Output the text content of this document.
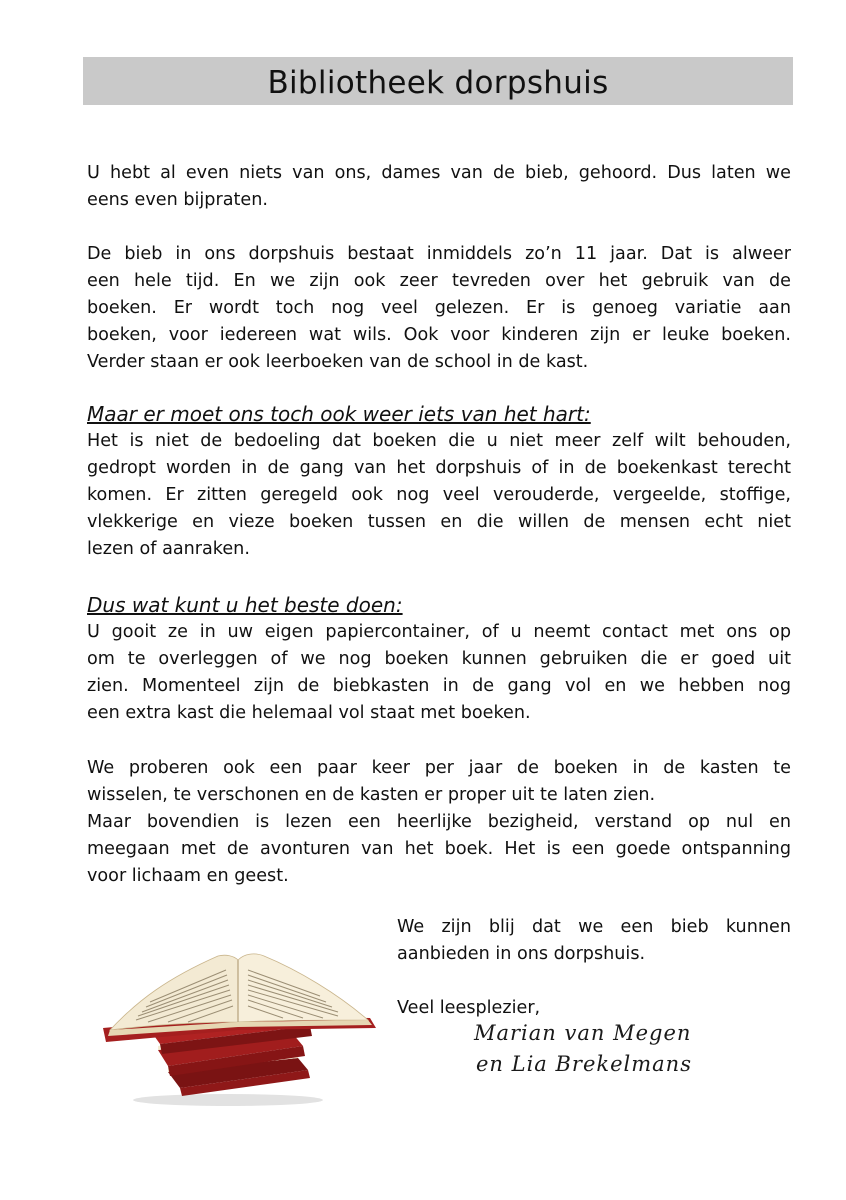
Bibliotheek dorpshuis
U hebt al even niets van ons, dames van de bieb, gehoord. Dus laten we
eens even bijpraten.
De bieb in ons dorpshuis bestaat inmiddels zo’n 11 jaar. Dat is alweer
een hele tijd. En we zijn ook zeer tevreden over het gebruik van de
boeken. Er wordt toch nog veel gelezen. Er is genoeg variatie aan
boeken, voor iedereen wat wils. Ook voor kinderen zijn er leuke boeken.
Verder staan er ook leerboeken van de school in de kast.
Maar er moet ons toch ook weer iets van het hart:
Het is niet de bedoeling dat boeken die u niet meer zelf wilt behouden,
gedropt worden in de gang van het dorpshuis of in de boekenkast terecht
komen. Er zitten geregeld ook nog veel verouderde, vergeelde, stoffige,
vlekkerige en vieze boeken tussen en die willen de mensen echt niet
lezen of aanraken.
Dus wat kunt u het beste doen:
U gooit ze in uw eigen papiercontainer, of u neemt contact met ons op
om te overleggen of we nog boeken kunnen gebruiken die er goed uit
zien. Momenteel zijn de biebkasten in de gang vol en we hebben nog
een extra kast die helemaal vol staat met boeken.
We proberen ook een paar keer per jaar de boeken in de kasten te
wisselen, te verschonen en de kasten er proper uit te laten zien.
Maar bovendien is lezen een heerlijke bezigheid, verstand op nul en
meegaan met de avonturen van het boek. Het is een goede ontspanning
voor lichaam en geest.
We zijn blij dat we een bieb kunnen
aanbieden in ons dorpshuis.
Veel leesplezier,
Marian van Megen
en Lia Brekelmans
